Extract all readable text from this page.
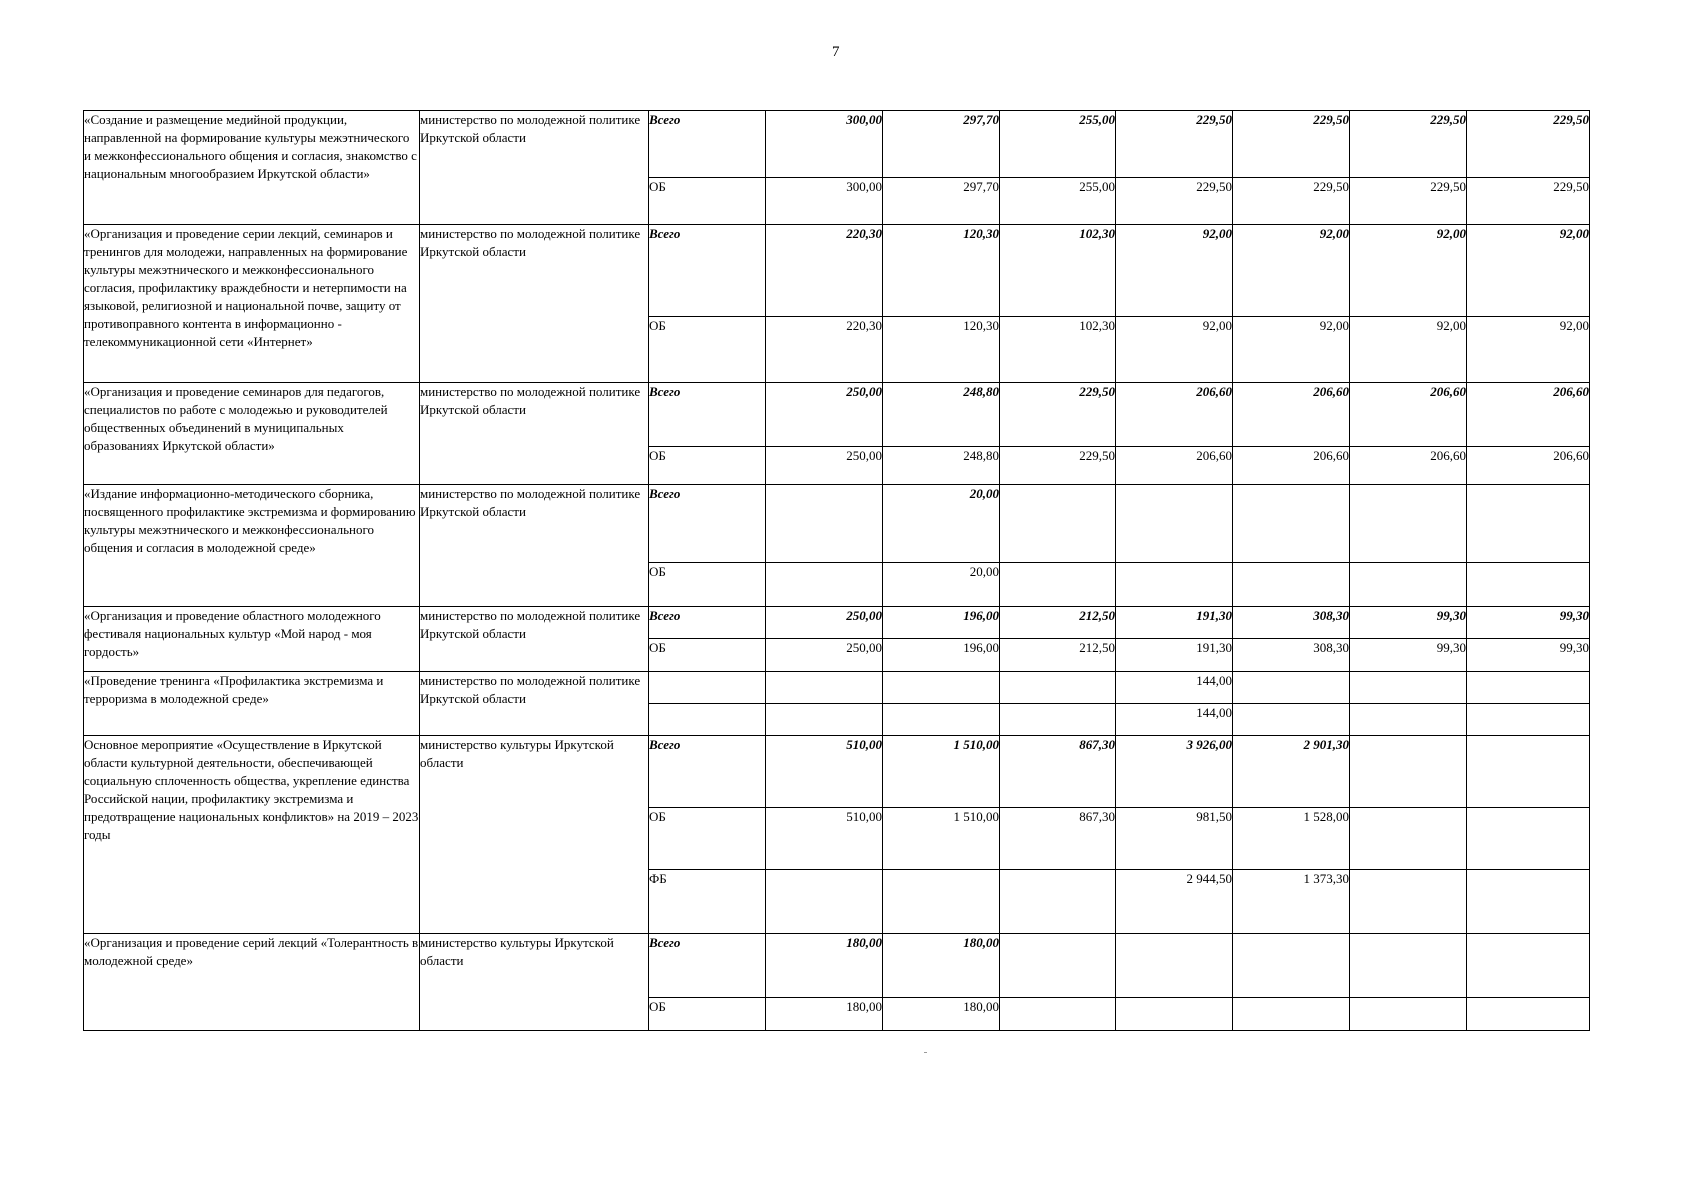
7
«Создание и размещение медийной продукции, направленной на формирование культуры межэтнического и межконфессионального общения и согласия, знакомство с национальным многообразием Иркутской области»	министерство по молодежной политике Иркутской области	Всего	300,00	297,70	255,00	229,50	229,50	229,50	229,50
		ОБ	300,00	297,70	255,00	229,50	229,50	229,50	229,50
«Организация и проведение серии лекций, семинаров и тренингов для молодежи, направленных на формирование культуры межэтнического и межконфессионального согласия, профилактику враждебности и нетерпимости на языковой, религиозной и национальной почве, защиту от противоправного контента в информационно - телекоммуникационной сети «Интернет»	министерство по молодежной политике Иркутской области	Всего	220,30	120,30	102,30	92,00	92,00	92,00	92,00
		ОБ	220,30	120,30	102,30	92,00	92,00	92,00	92,00
«Организация и проведение семинаров для педагогов, специалистов по работе с молодежью и руководителей общественных объединений в муниципальных образованиях Иркутской области»	министерство по молодежной политике Иркутской области	Всего	250,00	248,80	229,50	206,60	206,60	206,60	206,60
		ОБ	250,00	248,80	229,50	206,60	206,60	206,60	206,60
«Издание информационно-методического сборника, посвященного профилактике экстремизма и формированию культуры межэтнического и межконфессионального общения и согласия в молодежной среде»	министерство по молодежной политике Иркутской области	Всего		20,00					
		ОБ		20,00					
«Организация и проведение областного молодежного фестиваля национальных культур «Мой народ - моя гордость»	министерство по молодежной политике Иркутской области	Всего	250,00	196,00	212,50	191,30	308,30	99,30	99,30
		ОБ	250,00	196,00	212,50	191,30	308,30	99,30	99,30
«Проведение тренинга «Профилактика экстремизма и терроризма в молодежной среде»	министерство по молодежной политике Иркутской области					144,00			
						144,00			
Основное мероприятие «Осуществление в Иркутской области культурной деятельности, обеспечивающей социальную сплоченность общества, укрепление единства Российской нации, профилактику экстремизма и предотвращение национальных конфликтов» на 2019 – 2023 годы	министерство культуры Иркутской области	Всего	510,00	1 510,00	867,30	3 926,00	2 901,30		
		ОБ	510,00	1 510,00	867,30	981,50	1 528,00		
		ФБ				2 944,50	1 373,30		
«Организация и проведение серий лекций «Толерантность в молодежной среде»	министерство культуры Иркутской области	Всего	180,00	180,00					
		ОБ	180,00	180,00					
